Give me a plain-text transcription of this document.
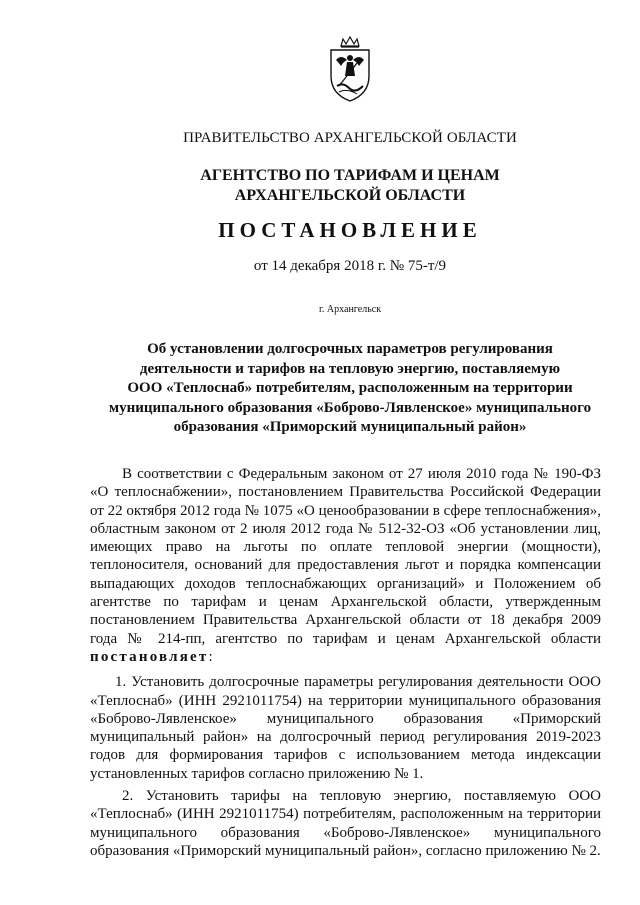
ПРАВИТЕЛЬСТВО АРХАНГЕЛЬСКОЙ ОБЛАСТИ
АГЕНТСТВО ПО ТАРИФАМ И ЦЕНАМ
АРХАНГЕЛЬСКОЙ ОБЛАСТИ
ПОСТАНОВЛЕНИЕ
от 14 декабря 2018 г. № 75-т/9
г. Архангельск
Об установлении долгосрочных параметров регулирования
деятельности и тарифов на тепловую энергию, поставляемую
ООО «Теплоснаб» потребителям, расположенным на территории
муниципального образования «Боброво-Лявленское» муниципального
образования «Приморский муниципальный район»

В соответствии с Федеральным законом от 27 июля 2010 года № 190-ФЗ «О теплоснабжении», постановлением Правительства Российской Федерации от 22 октября 2012 года № 1075 «О ценообразовании в сфере теплоснабжения», областным законом от 2 июля 2012 года № 512-32-ОЗ «Об установлении лиц, имеющих право на льготы по оплате тепловой энергии (мощности), теплоносителя, оснований для предоставления льгот и порядка компенсации выпадающих доходов теплоснабжающих организаций» и Положением об агентстве по тарифам и ценам Архангельской области, утвержденным постановлением Правительства Архангельской области от 18 декабря 2009 года № 214-пп, агентство по тарифам и ценам Архангельской области постановляет:

1. Установить долгосрочные параметры регулирования деятельности ООО «Теплоснаб» (ИНН 2921011754) на территории муниципального образования «Боброво-Лявленское» муниципального образования «Приморский муниципальный район» на долгосрочный период регулирования 2019-2023 годов для формирования тарифов с использованием метода индексации установленных тарифов согласно приложению № 1.

2. Установить тарифы на тепловую энергию, поставляемую ООО «Теплоснаб» (ИНН 2921011754) потребителям, расположенным на территории муниципального образования «Боброво-Лявленское» муниципального образования «Приморский муниципальный район», согласно приложению № 2.
